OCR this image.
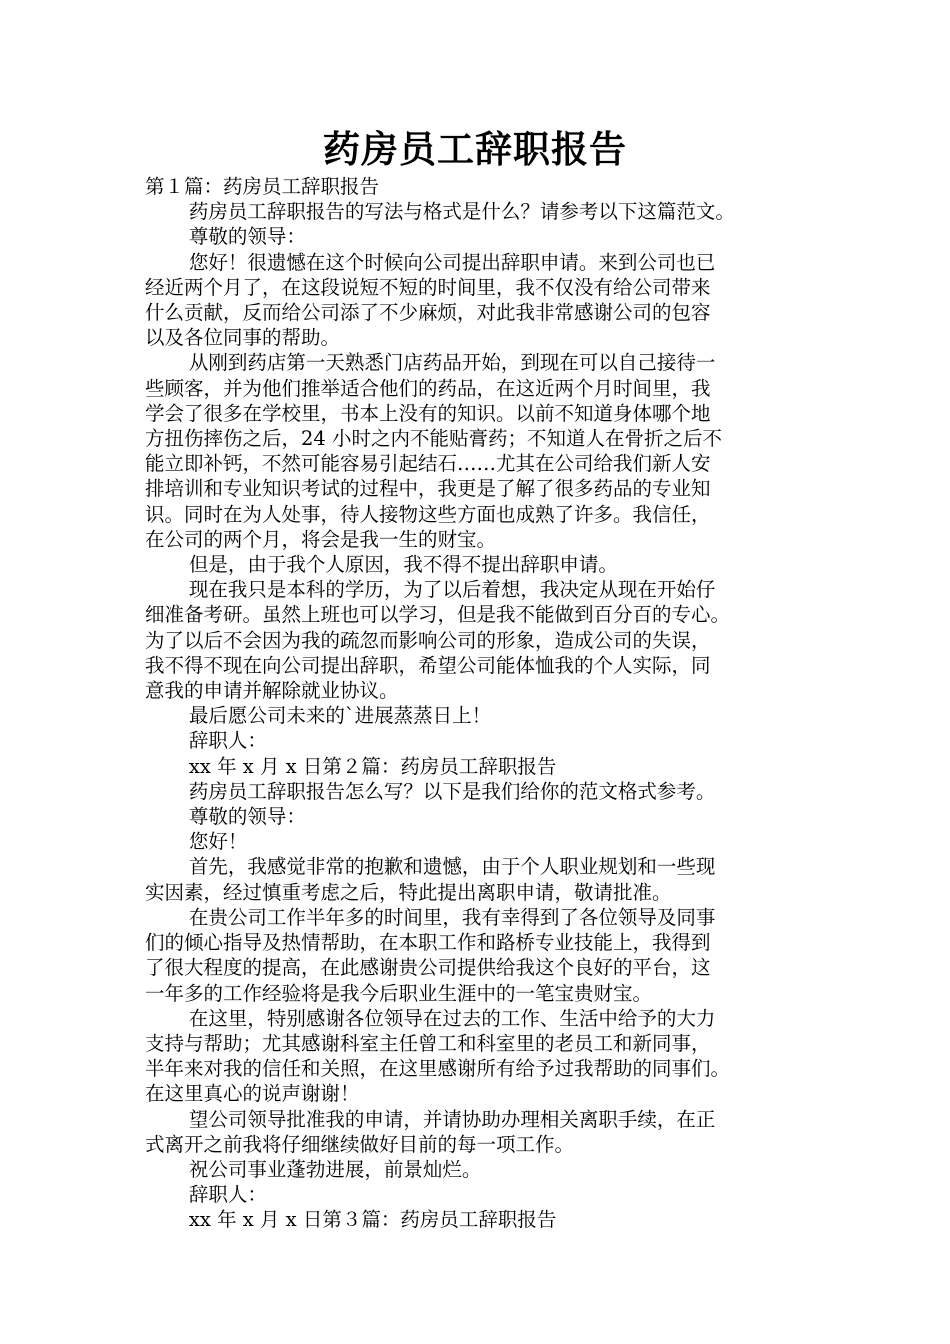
药房员工辞职报告
第１篇：药房员工辞职报告
药房员工辞职报告的写法与格式是什么？请参考以下这篇范文。
尊敬的领导：
您好！很遗憾在这个时候向公司提出辞职申请。来到公司也已
经近两个月了，在这段说短不短的时间里，我不仅没有给公司带来
什么贡献，反而给公司添了不少麻烦，对此我非常感谢公司的包容
以及各位同事的帮助。
从刚到药店第一天熟悉门店药品开始，到现在可以自己接待一
些顾客，并为他们推举适合他们的药品，在这近两个月时间里，我
学会了很多在学校里，书本上没有的知识。以前不知道身体哪个地
方扭伤摔伤之后，24 小时之内不能贴膏药；不知道人在骨折之后不
能立即补钙，不然可能容易引起结石……尤其在公司给我们新人安
排培训和专业知识考试的过程中，我更是了解了很多药品的专业知
识。同时在为人处事，待人接物这些方面也成熟了许多。我信任，
在公司的两个月，将会是我一生的财宝。
但是，由于我个人原因，我不得不提出辞职申请。
现在我只是本科的学历，为了以后着想，我决定从现在开始仔
细准备考研。虽然上班也可以学习，但是我不能做到百分百的专心。
为了以后不会因为我的疏忽而影响公司的形象，造成公司的失误，
我不得不现在向公司提出辞职，希望公司能体恤我的个人实际，同
意我的申请并解除就业协议。
最后愿公司未来的`进展蒸蒸日上！
辞职人：
xx 年 x 月 x 日第２篇：药房员工辞职报告
药房员工辞职报告怎么写？以下是我们给你的范文格式参考。
尊敬的领导：
您好！
首先，我感觉非常的抱歉和遗憾，由于个人职业规划和一些现
实因素，经过慎重考虑之后，特此提出离职申请，敬请批准。
在贵公司工作半年多的时间里，我有幸得到了各位领导及同事
们的倾心指导及热情帮助，在本职工作和路桥专业技能上，我得到
了很大程度的提高，在此感谢贵公司提供给我这个良好的平台，这
一年多的工作经验将是我今后职业生涯中的一笔宝贵财宝。
在这里，特别感谢各位领导在过去的工作、生活中给予的大力
支持与帮助；尤其感谢科室主任曾工和科室里的老员工和新同事，
半年来对我的信任和关照，在这里感谢所有给予过我帮助的同事们。
在这里真心的说声谢谢！
望公司领导批准我的申请，并请协助办理相关离职手续，在正
式离开之前我将仔细继续做好目前的每一项工作。
祝公司事业蓬勃进展，前景灿烂。
辞职人：
xx 年 x 月 x 日第３篇：药房员工辞职报告
